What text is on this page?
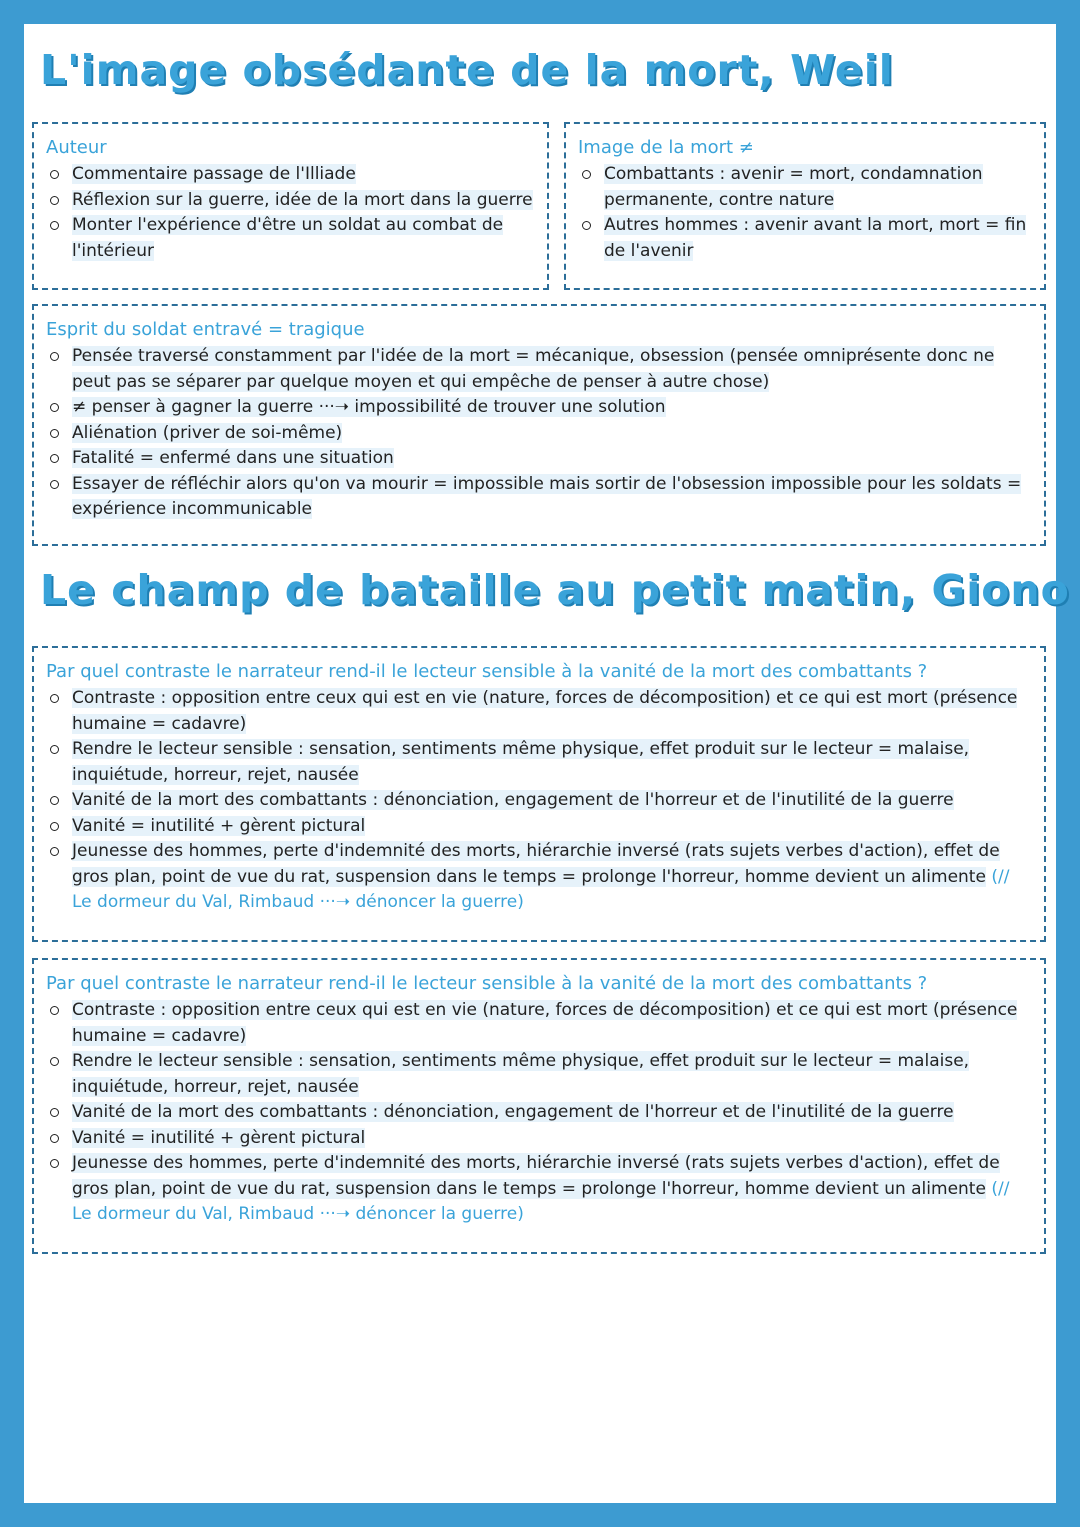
L'image obsédante de la mort, Weil
Auteur
Commentaire passage de l'Illiade
Réflexion sur la guerre, idée de la mort dans la guerre
Monter l'expérience d'être un soldat au combat de l'intérieur
Image de la mort ≠
Combattants : avenir = mort, condamnation permanente, contre nature
Autres hommes : avenir avant la mort, mort = fin de l'avenir
Esprit du soldat entravé = tragique
Pensée traversé constamment par l'idée de la mort = mécanique, obsession (pensée omniprésente donc ne peut pas se séparer par quelque moyen et qui empêche de penser à autre chose)
≠ penser à gagner la guerre ···➝ impossibilité de trouver une solution
Aliénation (priver de soi-même)
Fatalité = enfermé dans une situation
Essayer de réfléchir alors qu'on va mourir = impossible mais sortir de l'obsession impossible pour les soldats = expérience incommunicable
Le champ de bataille au petit matin, Giono
Par quel contraste le narrateur rend-il le lecteur sensible à la vanité de la mort des combattants ?
Contraste : opposition entre ceux qui est en vie (nature, forces de décomposition) et ce qui est mort (présence humaine = cadavre)
Rendre le lecteur sensible : sensation, sentiments même physique, effet produit sur le lecteur = malaise, inquiétude, horreur, rejet, nausée
Vanité de la mort des combattants : dénonciation, engagement de l'horreur et de l'inutilité de la guerre
Vanité = inutilité + gèrent pictural
Jeunesse des hommes, perte d'indemnité des morts, hiérarchie inversé (rats sujets verbes d'action), effet de gros plan, point de vue du rat, suspension dans le temps = prolonge l'horreur, homme devient un alimente (// Le dormeur du Val, Rimbaud ···➝ dénoncer la guerre)
Par quel contraste le narrateur rend-il le lecteur sensible à la vanité de la mort des combattants ?
Contraste : opposition entre ceux qui est en vie (nature, forces de décomposition) et ce qui est mort (présence humaine = cadavre)
Rendre le lecteur sensible : sensation, sentiments même physique, effet produit sur le lecteur = malaise, inquiétude, horreur, rejet, nausée
Vanité de la mort des combattants : dénonciation, engagement de l'horreur et de l'inutilité de la guerre
Vanité = inutilité + gèrent pictural
Jeunesse des hommes, perte d'indemnité des morts, hiérarchie inversé (rats sujets verbes d'action), effet de gros plan, point de vue du rat, suspension dans le temps = prolonge l'horreur, homme devient un alimente (// Le dormeur du Val, Rimbaud ···➝ dénoncer la guerre)
